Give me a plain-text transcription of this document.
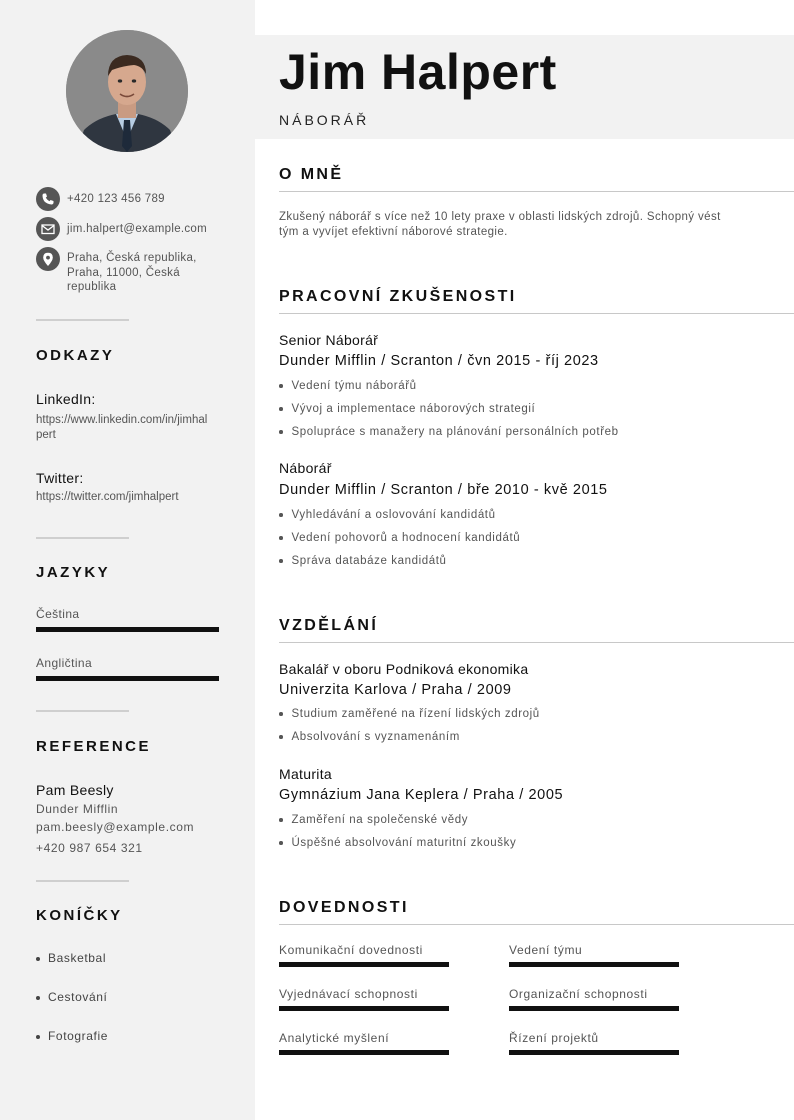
+420 123 456 789
jim.halpert@example.com
Praha, Česká republika,
Praha, 11000, Česká
republika
ODKAZY
LinkedIn:
https://www.linkedin.com/in/jimhal
pert
Twitter:
https://twitter.com/jimhalpert
JAZYKY
Čeština
Angličtina
REFERENCE
Pam Beesly
Dunder Mifflin
pam.beesly@example.com
+420 987 654 321
KONÍČKY
Basketbal
Cestování
Fotografie
Jim Halpert
NÁBORÁŘ
O MNĚ
Zkušený náborář s více než 10 lety praxe v oblasti lidských zdrojů. Schopný vést
tým a vyvíjet efektivní náborové strategie.
PRACOVNÍ ZKUŠENOSTI
Senior Náborář
Dunder Mifflin / Scranton / čvn 2015 - říj 2023
Vedení týmu náborářů
Vývoj a implementace náborových strategií
Spolupráce s manažery na plánování personálních potřeb
Náborář
Dunder Mifflin / Scranton / bře 2010 - kvě 2015
Vyhledávání a oslovování kandidátů
Vedení pohovorů a hodnocení kandidátů
Správa databáze kandidátů
VZDĚLÁNÍ
Bakalář v oboru Podniková ekonomika
Univerzita Karlova / Praha / 2009
Studium zaměřené na řízení lidských zdrojů
Absolvování s vyznamenáním
Maturita
Gymnázium Jana Keplera / Praha / 2005
Zaměření na společenské vědy
Úspěšné absolvování maturitní zkoušky
DOVEDNOSTI
Komunikační dovednosti	Vedení týmu
Vyjednávací schopnosti	Organizační schopnosti
Analytické myšlení	Řízení projektů
